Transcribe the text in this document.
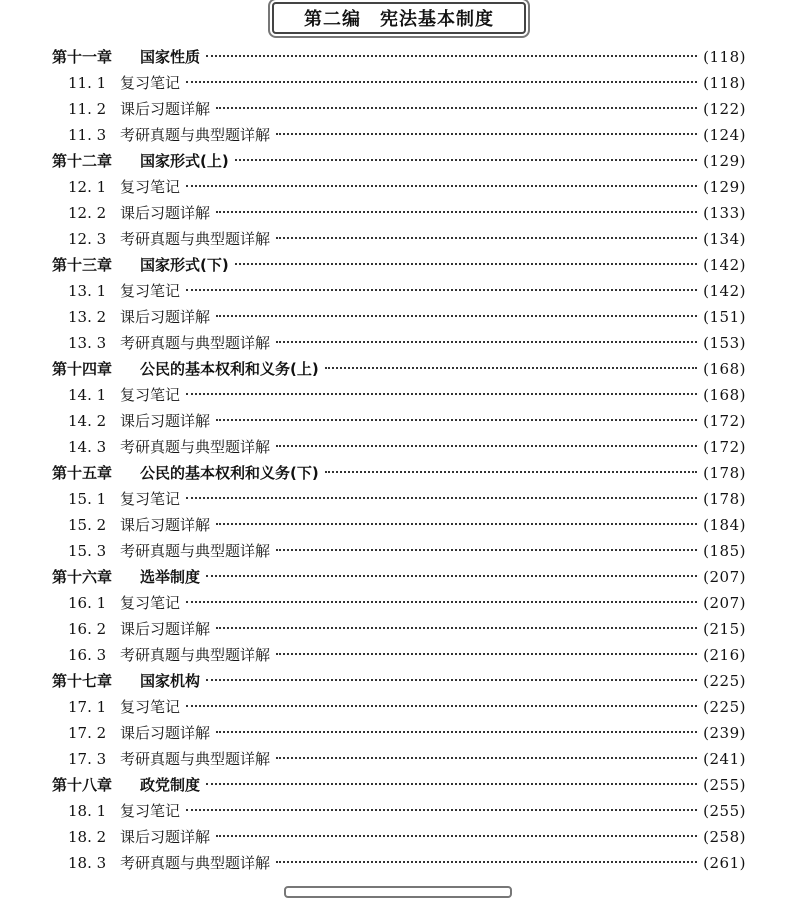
第二编　宪法基本制度
第十一章	国家性质	(118)
11. 1 复习笔记	(118)
11. 2 课后习题详解	(122)
11. 3 考研真题与典型题详解	(124)
第十二章	国家形式(上)	(129)
12. 1 复习笔记	(129)
12. 2 课后习题详解	(133)
12. 3 考研真题与典型题详解	(134)
第十三章	国家形式(下)	(142)
13. 1 复习笔记	(142)
13. 2 课后习题详解	(151)
13. 3 考研真题与典型题详解	(153)
第十四章	公民的基本权利和义务(上)	(168)
14. 1 复习笔记	(168)
14. 2 课后习题详解	(172)
14. 3 考研真题与典型题详解	(172)
第十五章	公民的基本权利和义务(下)	(178)
15. 1 复习笔记	(178)
15. 2 课后习题详解	(184)
15. 3 考研真题与典型题详解	(185)
第十六章	选举制度	(207)
16. 1 复习笔记	(207)
16. 2 课后习题详解	(215)
16. 3 考研真题与典型题详解	(216)
第十七章	国家机构	(225)
17. 1 复习笔记	(225)
17. 2 课后习题详解	(239)
17. 3 考研真题与典型题详解	(241)
第十八章	政党制度	(255)
18. 1 复习笔记	(255)
18. 2 课后习题详解	(258)
18. 3 考研真题与典型题详解	(261)
